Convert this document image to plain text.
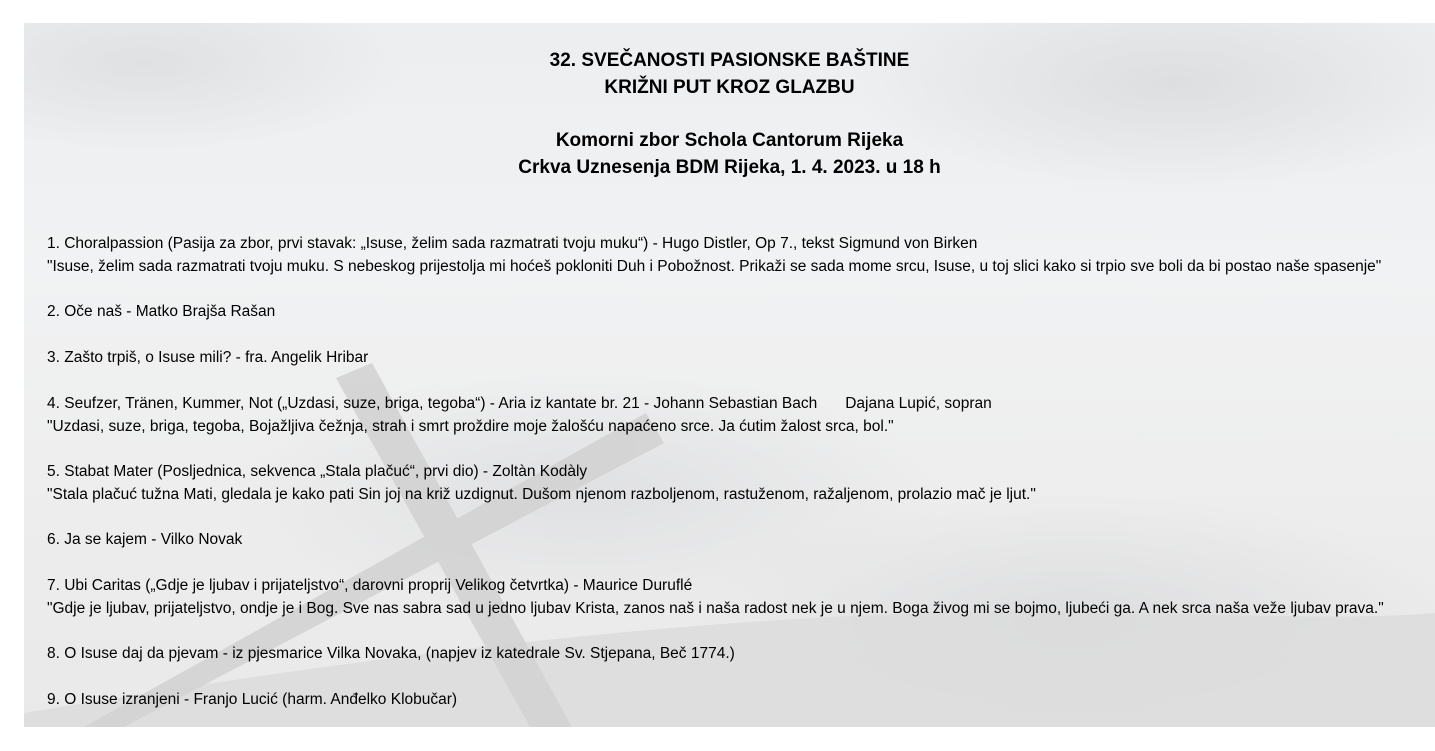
32. SVEČANOSTI PASIONSKE BAŠTINE
KRIŽNI PUT KROZ GLAZBU
Komorni zbor Schola Cantorum Rijeka
Crkva Uznesenja BDM Rijeka, 1. 4. 2023. u 18 h
1. Choralpassion (Pasija za zbor, prvi stavak: „Isuse, želim sada razmatrati tvoju muku“) - Hugo Distler, Op 7., tekst Sigmund von Birken
"Isuse, želim sada razmatrati tvoju muku. S nebeskog prijestolja mi hoćeš pokloniti Duh i Pobožnost. Prikaži se sada mome srcu, Isuse, u toj slici kako si trpio sve boli da bi postao naše spasenje"
2. Oče naš - Matko Brajša Rašan
3. Zašto trpiš, o Isuse mili? - fra. Angelik Hribar
4. Seufzer, Tränen, Kummer, Not („Uzdasi, suze, briga, tegoba“) - Aria iz kantate br. 21 - Johann Sebastian Bach Dajana Lupić, sopran
"Uzdasi, suze, briga, tegoba, Bojažljiva čežnja, strah i smrt proždire moje žalošću napaćeno srce. Ja ćutim žalost srca, bol."
5. Stabat Mater (Posljednica, sekvenca „Stala plačuć“, prvi dio) - Zoltàn Kodàly
"Stala plačuć tužna Mati, gledala je kako pati Sin joj na križ uzdignut. Dušom njenom razboljenom, rastuženom, ražaljenom, prolazio mač je ljut."
6. Ja se kajem - Vilko Novak
7. Ubi Caritas („Gdje je ljubav i prijateljstvo“, darovni proprij Velikog četvrtka) - Maurice Duruflé
"Gdje je ljubav, prijateljstvo, ondje je i Bog. Sve nas sabra sad u jedno ljubav Krista, zanos naš i naša radost nek je u njem. Boga živog mi se bojmo, ljubeći ga. A nek srca naša veže ljubav prava."
8. O Isuse daj da pjevam - iz pjesmarice Vilka Novaka, (napjev iz katedrale Sv. Stjepana, Beč 1774.)
9. O Isuse izranjeni - Franjo Lucić (harm. Anđelko Klobučar)
